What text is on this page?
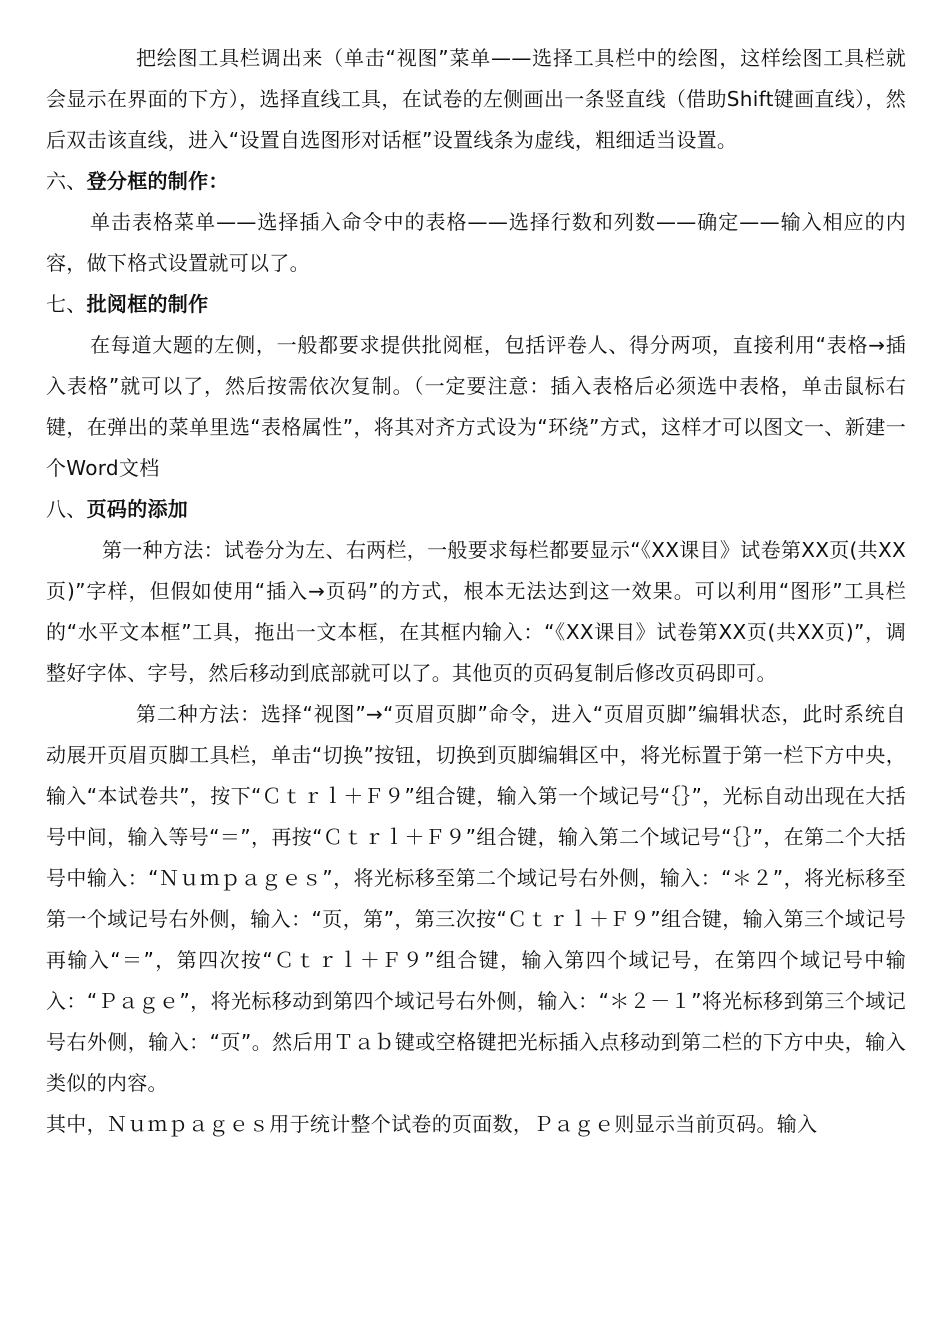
把绘图工具栏调出来（单击“视图”菜单——选择工具栏中的绘图，这样绘图工具栏就会显示在界面的下方），选择直线工具，在试卷的左侧画出一条竖直线（借助Shift键画直线），然后双击该直线，进入“设置自选图形对话框”设置线条为虚线，粗细适当设置。

六、登分框的制作：

单击表格菜单——选择插入命令中的表格——选择行数和列数——确定——输入相应的内容，做下格式设置就可以了。

七、批阅框的制作

在每道大题的左侧，一般都要求提供批阅框，包括评卷人、得分两项，直接利用“表格→插入表格”就可以了，然后按需依次复制。（一定要注意：插入表格后必须选中表格，单击鼠标右键，在弹出的菜单里选“表格属性”，将其对齐方式设为“环绕”方式，这样才可以图文一、新建一个Word文档

八、页码的添加

第一种方法：试卷分为左、右两栏，一般要求每栏都要显示“《XX课目》试卷第XX页(共XX页)”字样，但假如使用“插入→页码”的方式，根本无法达到这一效果。可以利用“图形”工具栏的“水平文本框”工具，拖出一文本框，在其框内输入：“《XX课目》试卷第XX页(共XX页)”，调整好字体、字号，然后移动到底部就可以了。其他页的页码复制后修改页码即可。

第二种方法：选择“视图”→“页眉页脚”命令，进入“页眉页脚”编辑状态，此时系统自动展开页眉页脚工具栏，单击“切换”按钮，切换到页脚编辑区中，将光标置于第一栏下方中央，输入“本试卷共”，按下“Ｃｔｒｌ＋Ｆ９”组合键，输入第一个域记号“｛｝”，光标自动出现在大括号中间，输入等号“＝”，再按“Ｃｔｒｌ＋Ｆ９”组合键，输入第二个域记号“｛｝”，在第二个大括号中输入：“Ｎｕｍｐａｇｅｓ”，将光标移至第二个域记号右外侧，输入：“＊２”，将光标移至第一个域记号右外侧，输入：“页，第”，第三次按“Ｃｔｒｌ＋Ｆ９”组合键，输入第三个域记号再输入“＝”，第四次按“Ｃｔｒｌ＋Ｆ９”组合键，输入第四个域记号，在第四个域记号中输入：“Ｐａｇｅ”，将光标移动到第四个域记号右外侧，输入：“＊２－１”将光标移到第三个域记号右外侧，输入：“页”。然后用Ｔａｂ键或空格键把光标插入点移动到第二栏的下方中央，输入类似的内容。

其中，Ｎｕｍｐａｇｅｓ用于统计整个试卷的页面数，Ｐａｇｅ则显示当前页码。输入
